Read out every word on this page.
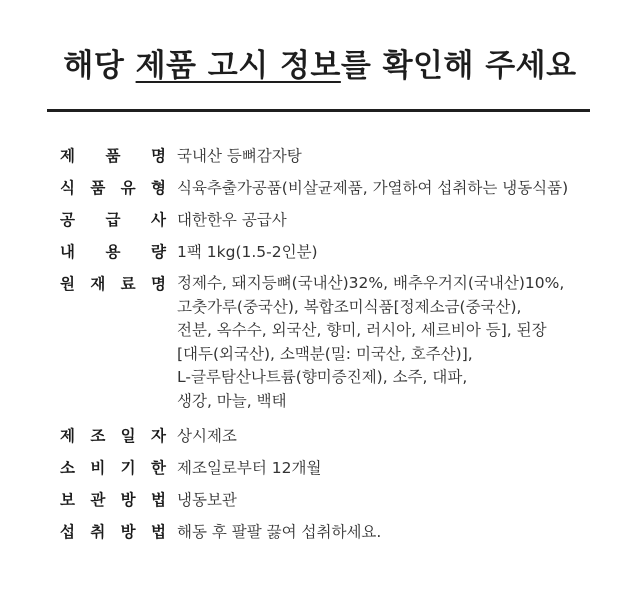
해당 제품 고시 정보를 확인해 주세요
제 품 명 국내산 등뼈감자탕
식 품 유 형 식육추출가공품(비살균제품, 가열하여 섭취하는 냉동식품)
공 급 사 대한한우 공급사
내 용 량 1팩 1kg(1.5-2인분)
원 재 료 명 정제수, 돼지등뼈(국내산)32%, 배추우거지(국내산)10%,
고춧가루(중국산), 복합조미식품[정제소금(중국산),
전분, 옥수수, 외국산, 향미, 러시아, 세르비아 등], 된장
[대두(외국산), 소맥분(밀: 미국산, 호주산)],
L-글루탐산나트륨(향미증진제), 소주, 대파,
생강, 마늘, 백태
제 조 일 자 상시제조
소 비 기 한 제조일로부터 12개월
보 관 방 법 냉동보관
섭 취 방 법 해동 후 팔팔 끓여 섭취하세요.
